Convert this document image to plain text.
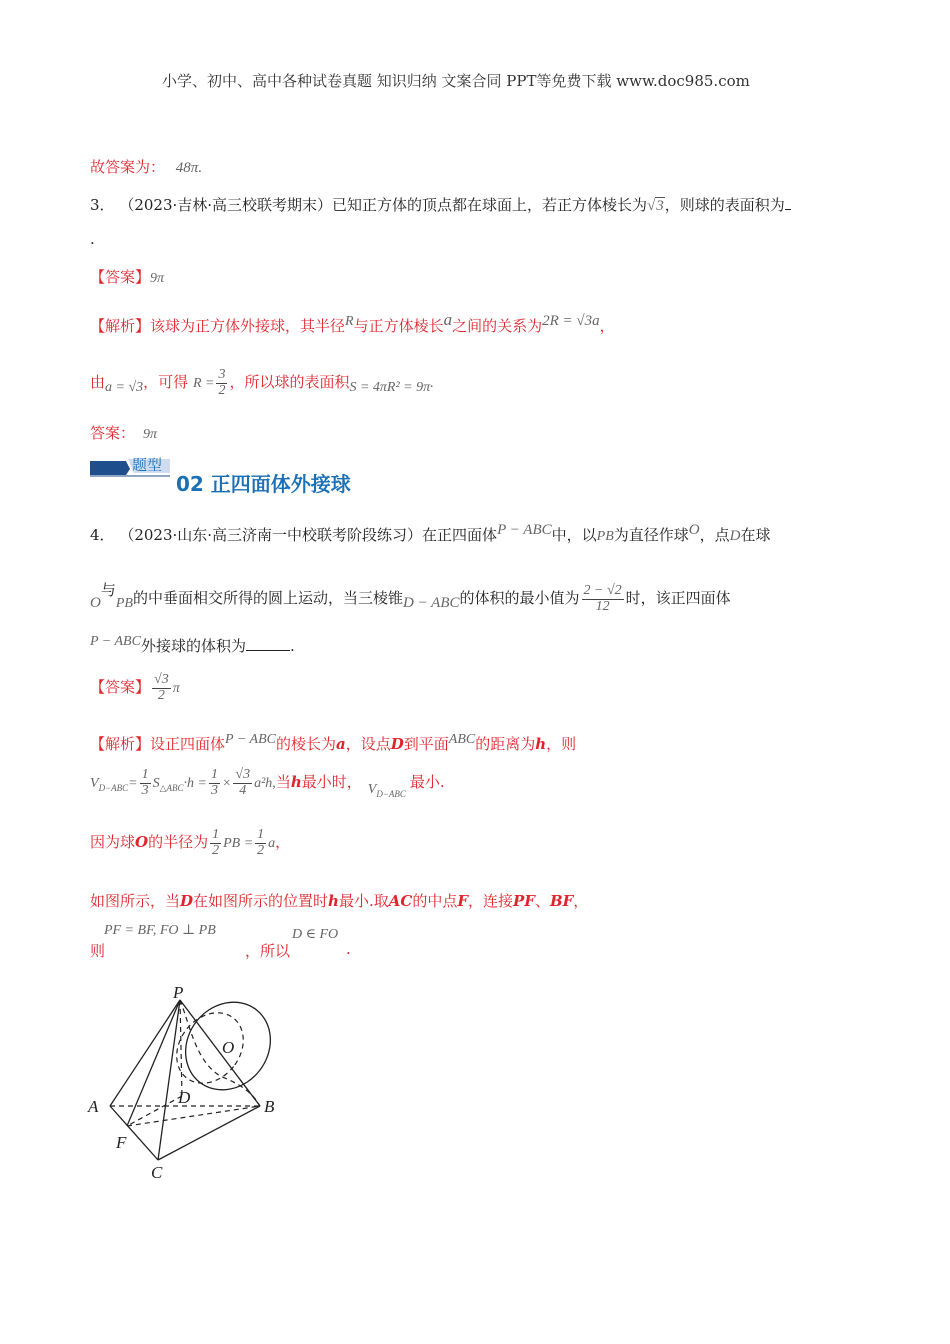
小学、初中、高中各种试卷真题 知识归纳 文案合同 PPT等免费下载 www.doc985.com
故答案为： 48π.
3． （2023·吉林·高三校联考期末）已知正方体的顶点都在球面上，若正方体棱长为√3，则球的表面积为
.
【答案】9π
【解析】该球为正方体外接球，其半径$^R$与正方体棱长$^a$之间的关系为$^{2R = √3a}$，
由$_{a = √3}$，可得 $R = \frac{3}{2}$ ，所以球的表面积$_{S = 4\pi R^2 = 9\pi}$.
答案： 9π
题型
02 正四面体外接球
4． （2023·山东·高三济南一中校联考阶段练习）在正四面体$^{P - ABC}$中，以PB为直径作球$^O$，点D在球
$_O$与$_{PB}$的中垂面相交所得的圆上运动，当三棱锥$_{D - ABC}$的体积的最小值为 $\frac{2 - √2}{12}$ 时，该正四面体
$^{P - ABC}$外接球的体积为	.
【答案】 $\frac{√3}{2}$ π
【解析】设正四面体$^{P - ABC}$的棱长为a，设点D到平面$^{ABC}$的距离为h，则
$V_{D-ABC}= \frac{1}{3} S_{\triangle ABC}\cdot h = \frac{1}{3} \times \frac{√3}{4} a^2h$,当h最小时， $V_{D-ABC}$最小.
因为球O的半径为 $\frac{1}{2}$ PB = $\frac{1}{2}$ a，
如图所示，当D在如图所示的位置时h最小.取AC的中点F，连接PF、BF，
PF = BF, FO ⊥ PB
则	，所以
D ∈ FO
.
P
A	B
C
D
F
O
